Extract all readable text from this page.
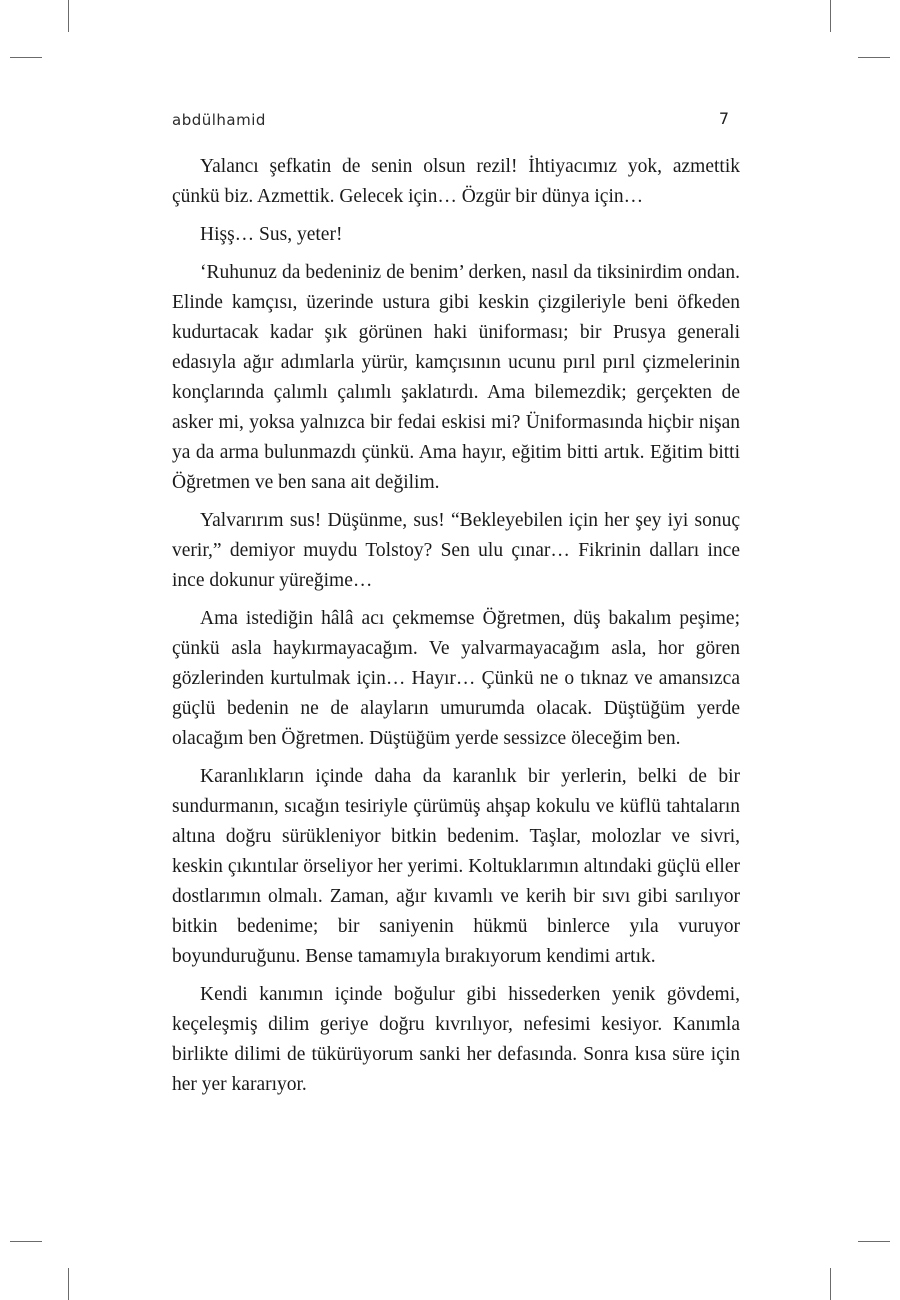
abdülhamid	7

Yalancı şefkatin de senin olsun rezil! İhtiyacımız yok, azmettik çünkü biz. Azmettik. Gelecek için… Özgür bir dünya için…

Hişş… Sus, yeter!

‘Ruhunuz da bedeniniz de benim’ derken, nasıl da tiksinirdim ondan. Elinde kamçısı, üzerinde ustura gibi keskin çizgileriyle beni öfkeden kudurtacak kadar şık görünen haki üniforması; bir Prusya generali edasıyla ağır adımlarla yürür, kamçısının ucunu pırıl pırıl çizmelerinin konçlarında çalımlı çalımlı şaklatırdı. Ama bilemezdik; gerçekten de asker mi, yoksa yalnızca bir fedai eskisi mi? Üniformasında hiçbir nişan ya da arma bulunmazdı çünkü. Ama hayır, eğitim bitti artık. Eğitim bitti Öğretmen ve ben sana ait değilim.

Yalvarırım sus! Düşünme, sus! “Bekleyebilen için her şey iyi sonuç verir,” demiyor muydu Tolstoy? Sen ulu çınar… Fikrinin dalları ince ince dokunur yüreğime…

Ama istediğin hâlâ acı çekmemse Öğretmen, düş bakalım peşime; çünkü asla haykırmayacağım. Ve yalvarmayacağım asla, hor gören gözlerinden kurtulmak için… Hayır… Çünkü ne o tıknaz ve amansızca güçlü bedenin ne de alayların umurumda olacak. Düştüğüm yerde olacağım ben Öğretmen. Düştüğüm yerde sessizce öleceğim ben.

Karanlıkların içinde daha da karanlık bir yerlerin, belki de bir sundurmanın, sıcağın tesiriyle çürümüş ahşap kokulu ve küflü tahtaların altına doğru sürükleniyor bitkin bedenim. Taşlar, molozlar ve sivri, keskin çıkıntılar örseliyor her yerimi. Koltuklarımın altındaki güçlü eller dostlarımın olmalı. Zaman, ağır kıvamlı ve kerih bir sıvı gibi sarılıyor bitkin bedenime; bir saniyenin hükmü binlerce yıla vuruyor boyunduruğunu. Bense tamamıyla bırakıyorum kendimi artık.

Kendi kanımın içinde boğulur gibi hissederken yenik gövdemi, keçeleşmiş dilim geriye doğru kıvrılıyor, nefesimi kesiyor. Kanımla birlikte dilimi de tükürüyorum sanki her defasında. Sonra kısa süre için her yer kararıyor.
